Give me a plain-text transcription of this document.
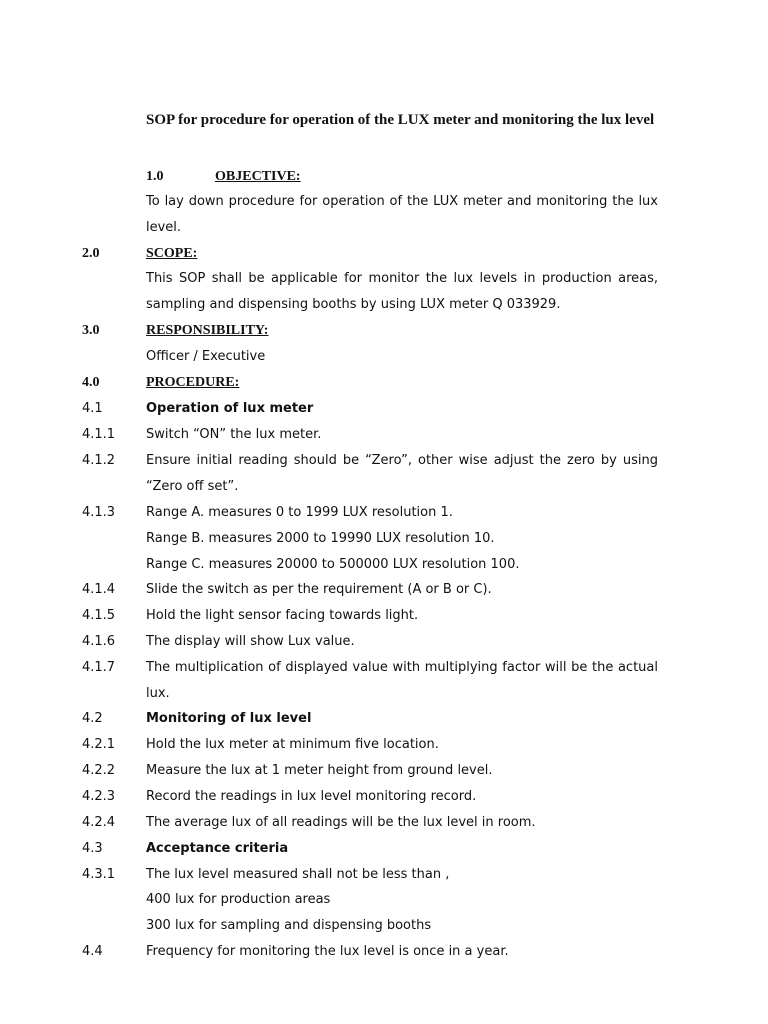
SOP for procedure for operation of the LUX meter and monitoring the lux level
1.0	OBJECTIVE:
To lay down procedure for operation of the LUX meter and monitoring the lux level.
2.0	SCOPE:
This SOP shall be applicable for monitor the lux levels in production areas, sampling and dispensing booths by using LUX meter Q 033929.
3.0	RESPONSIBILITY:
Officer / Executive
4.0	PROCEDURE:
4.1	Operation of lux meter
4.1.1 Switch “ON” the lux meter.
4.1.2 Ensure initial reading should be “Zero”, other wise adjust the zero by using “Zero off set”.
4.1.3 Range A. measures 0 to 1999 LUX resolution 1.
Range B. measures 2000 to 19990 LUX resolution 10.
Range C. measures 20000 to 500000 LUX resolution 100.
4.1.4 Slide the switch as per the requirement (A or B or C).
4.1.5 Hold the light sensor facing towards light.
4.1.6 The display will show Lux value.
4.1.7 The multiplication of displayed value with multiplying factor will be the actual lux.
4.2	Monitoring of lux level
4.2.1 Hold the lux meter at minimum five location.
4.2.2 Measure the lux at 1 meter height from ground level.
4.2.3 Record the readings in lux level monitoring record.
4.2.4 The average lux of all readings will be the lux level in room.
4.3	Acceptance criteria
4.3.1 The lux level measured shall not be less than ,
400 lux for production areas
300 lux for sampling and dispensing booths
4.4	Frequency for monitoring the lux level is once in a year.
